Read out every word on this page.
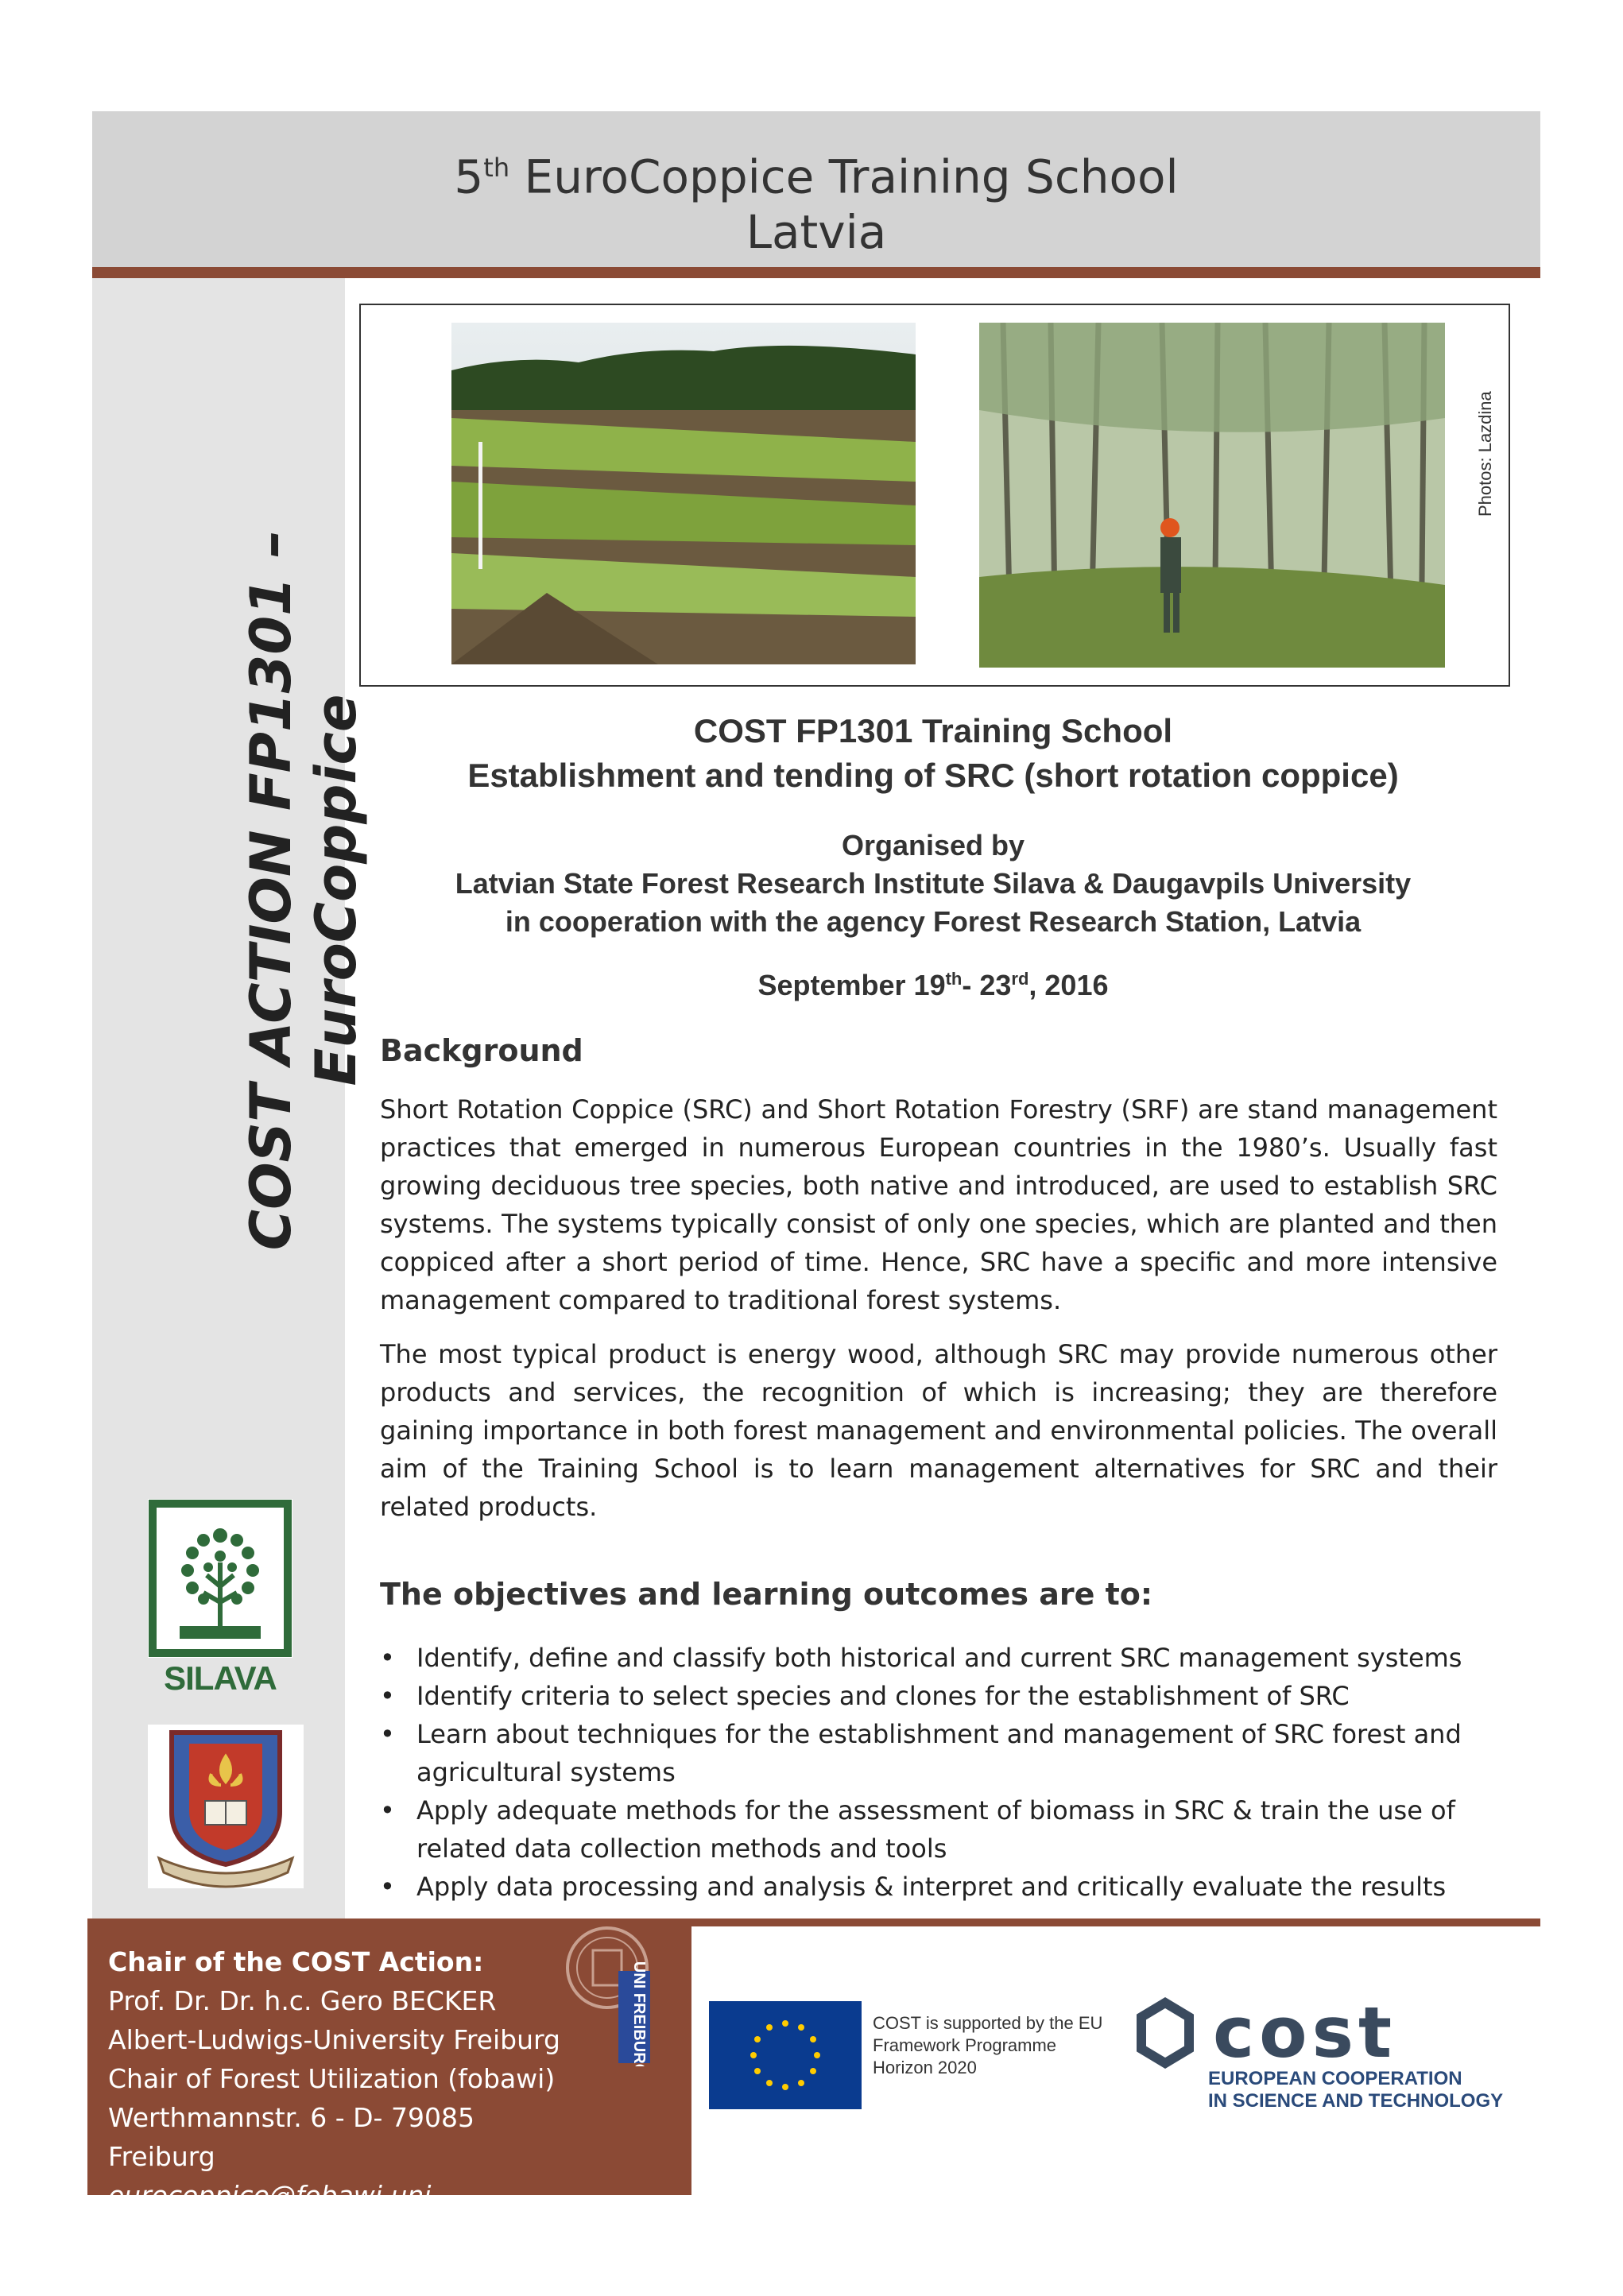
5th EuroCoppice Training School
Latvia
COST ACTION FP1301 – EuroCoppice
SILAVA
Photos: Lazdina
COST FP1301 Training School
Establishment and tending of SRC (short rotation coppice)
Organised by
Latvian State Forest Research Institute Silava & Daugavpils University
in cooperation with the agency Forest Research Station, Latvia
September 19th- 23rd, 2016
Background
Short Rotation Coppice (SRC) and Short Rotation Forestry (SRF) are stand management practices that emerged in numerous European countries in the 1980’s. Usually fast growing deciduous tree species, both native and introduced, are used to establish SRC systems. The systems typically consist of only one species, which are planted and then coppiced after a short period of time. Hence, SRC have a specific and more intensive management compared to traditional forest systems.
The most typical product is energy wood, although SRC may provide numerous other products and services, the recognition of which is increasing; they are therefore gaining importance in both forest management and environmental policies. The overall aim of the Training School is to learn management alternatives for SRC and their related products.
The objectives and learning outcomes are to:
• Identify, define and classify both historical and current SRC management systems
• Identify criteria to select species and clones for the establishment of SRC
• Learn about techniques for the establishment and management of SRC forest and agricultural systems
• Apply adequate methods for the assessment of biomass in SRC & train the use of related data collection methods and tools
• Apply data processing and analysis & interpret and critically evaluate the results
Chair of the COST Action:
Prof. Dr. Dr. h.c. Gero BECKER
Albert-Ludwigs-University Freiburg
Chair of Forest Utilization (fobawi)
Werthmannstr. 6 - D- 79085 Freiburg
eurocoppice@fobawi.uni-freiburg.de
UNI FREIBURG	COST is supported by the EU Framework Programme Horizon 2020	cost
EUROPEAN COOPERATION
IN SCIENCE AND TECHNOLOGY
